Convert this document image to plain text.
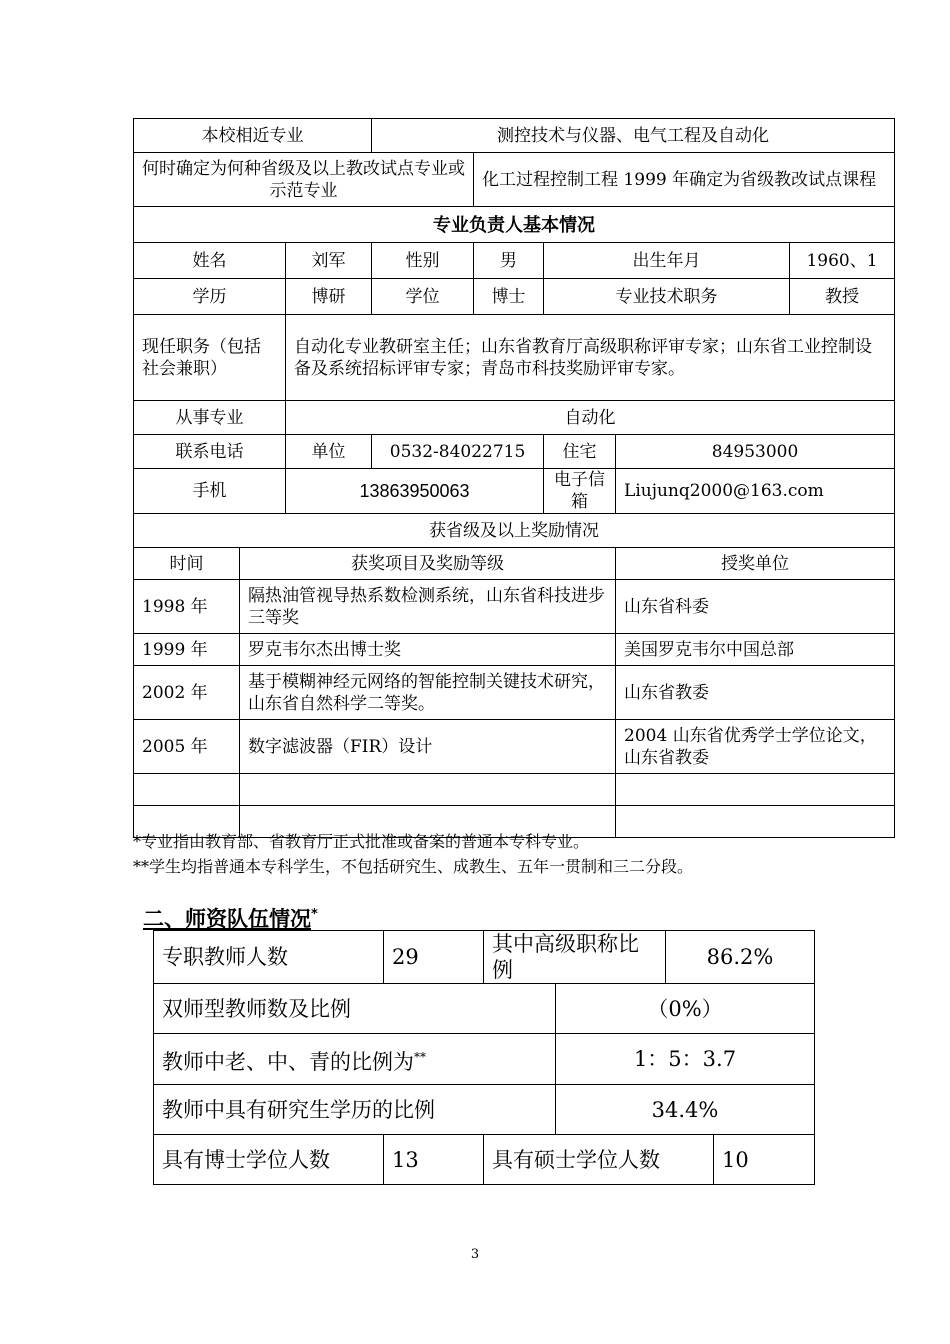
本校相近专业			测控技术与仪器、电气工程及自动化				
何时确定为何种省级及以上教改试点专业或示范专业				化工过程控制工程 1999 年确定为省级教改试点课程			
专业负责人基本情况							
姓名		刘军	性别	男	出生年月		1960、1
学历		博研	学位	博士	专业技术职务		教授
现任职务（包括社会兼职）		自动化专业教研室主任；山东省教育厅高级职称评审专家；山东省工业控制设备及系统招标评审专家；青岛市科技奖励评审专家。					
从事专业		自动化					
联系电话		单位	0532-84022715		住宅	84953000	
手机		13863950063			电子信箱	Liujunq2000@163.com	
获省级及以上奖励情况							
时间	获奖项目及奖励等级					授奖单位	
1998 年	隔热油管视导热系数检测系统，山东省科技进步三等奖					山东省科委	
1999 年	罗克韦尔杰出博士奖					美国罗克韦尔中国总部	
2002 年	基于模糊神经元网络的智能控制关键技术研究，山东省自然科学二等奖。					山东省教委	
2005 年	数字滤波器（FIR）设计					2004 山东省优秀学士学位论文，山东省教委	

*专业指由教育部、省教育厅正式批准或备案的普通本专科专业。
**学生均指普通本专科学生，不包括研究生、成教生、五年一贯制和三二分段。
二、师资队伍情况*
专职教师人数	29	其中高级职称比例		86.2%	
双师型教师数及比例			（0%）		
教师中老、中、青的比例为**			1：5：3.7		
教师中具有研究生学历的比例			34.4%		
具有博士学位人数	13	具有硕士学位人数			10
3
